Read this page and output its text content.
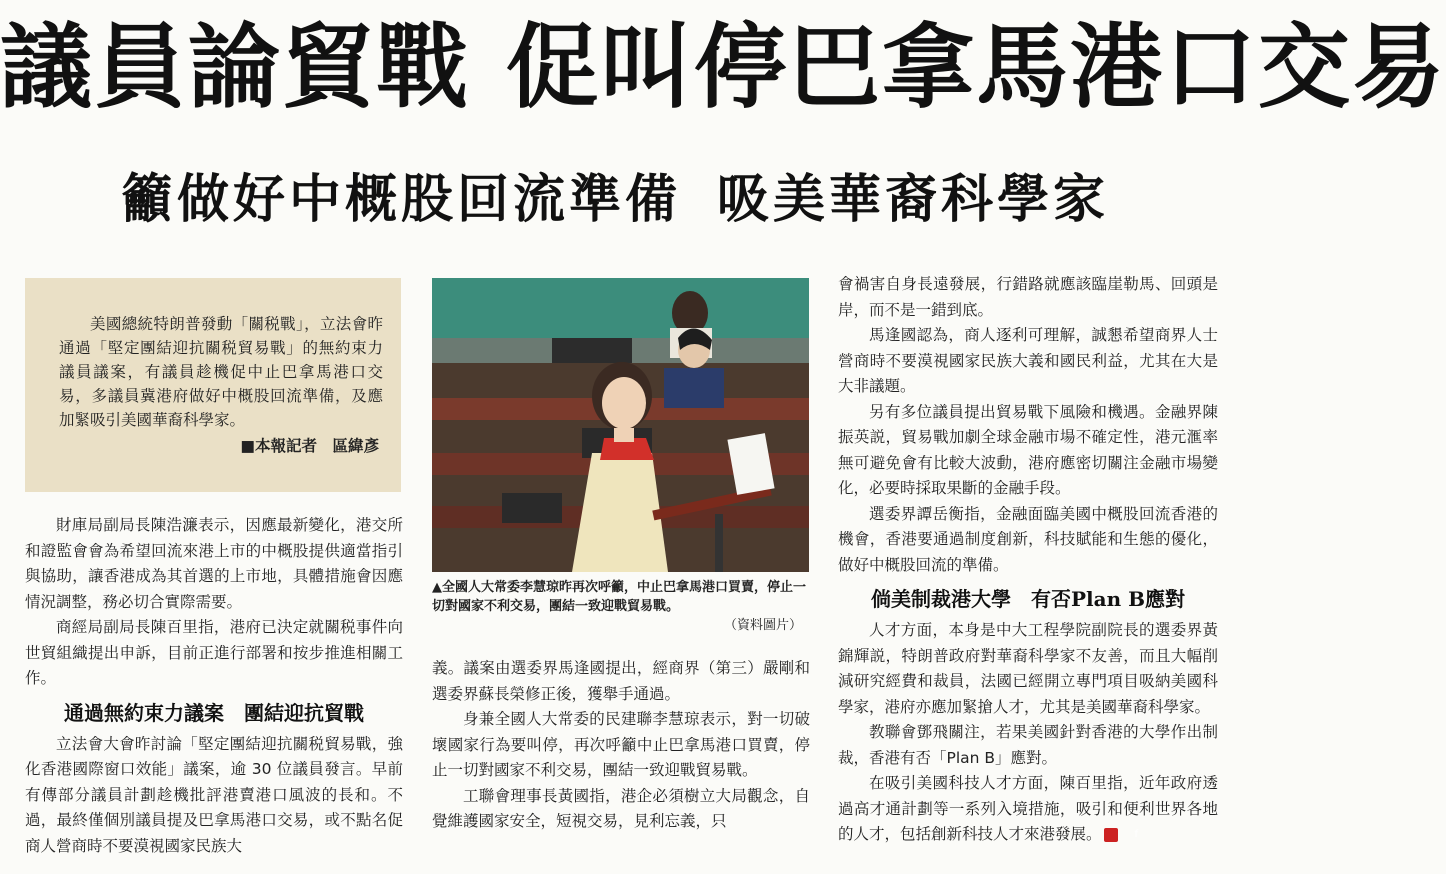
議員論貿戰 促叫停巴拿馬港口交易
籲做好中概股回流準備 吸美華裔科學家

美國總統特朗普發動「關税戰」，立法會昨通過「堅定團結迎抗關税貿易戰」的無約束力議員議案，有議員趁機促中止巴拿馬港口交易，多議員冀港府做好中概股回流準備，及應加緊吸引美國華裔科學家。

■本報記者　區緯彥

財庫局副局長陳浩濂表示，因應最新變化，港交所和證監會會為希望回流來港上市的中概股提供適當指引與協助，讓香港成為其首選的上市地，具體措施會因應情況調整，務必切合實際需要。

商經局副局長陳百里指，港府已決定就關税事件向世貿組織提出申訴，目前正進行部署和按步推進相關工作。

通過無約束力議案　團結迎抗貿戰

立法會大會昨討論「堅定團結迎抗關税貿易戰，強化香港國際窗口效能」議案，逾 30 位議員發言。早前有傳部分議員計劃趁機批評港賣港口風波的長和。不過，最終僅個別議員提及巴拿馬港口交易，或不點名促商人營商時不要漠視國家民族大

▲全國人大常委李慧琼昨再次呼籲，中止巴拿馬港口買賣，停止一切對國家不利交易，團結一致迎戰貿易戰。
（資料圖片）

義。議案由選委界馬逢國提出，經商界（第三）嚴剛和選委界蘇長榮修正後，獲舉手通過。

身兼全國人大常委的民建聯李慧琼表示，對一切破壞國家行為要叫停，再次呼籲中止巴拿馬港口買賣，停止一切對國家不利交易，團結一致迎戰貿易戰。

工聯會理事長黃國指，港企必須樹立大局觀念，自覺維護國家安全，短視交易，見利忘義，只

會禍害自身長遠發展，行錯路就應該臨崖勒馬、回頭是岸，而不是一錯到底。

馬逢國認為，商人逐利可理解，誠懇希望商界人士營商時不要漠視國家民族大義和國民利益，尤其在大是大非議題。

另有多位議員提出貿易戰下風險和機遇。金融界陳振英説，貿易戰加劇全球金融市場不確定性，港元滙率無可避免會有比較大波動，港府應密切關注金融市場變化，必要時採取果斷的金融手段。

選委界譚岳衡指，金融面臨美國中概股回流香港的機會，香港要通過制度創新，科技賦能和生態的優化，做好中概股回流的準備。

倘美制裁港大學　有否Plan B應對

人才方面，本身是中大工程學院副院長的選委界黃錦輝説，特朗普政府對華裔科學家不友善，而且大幅削減研究經費和裁員，法國已經開立專門項目吸納美國科學家，港府亦應加緊搶人才，尤其是美國華裔科學家。

教聯會鄧飛關注，若果美國針對香港的大學作出制裁，香港有否「Plan B」應對。

在吸引美國科技人才方面，陳百里指，近年政府透過高才通計劃等一系列入境措施，吸引和便利世界各地的人才，包括創新科技人才來港發展。	f
